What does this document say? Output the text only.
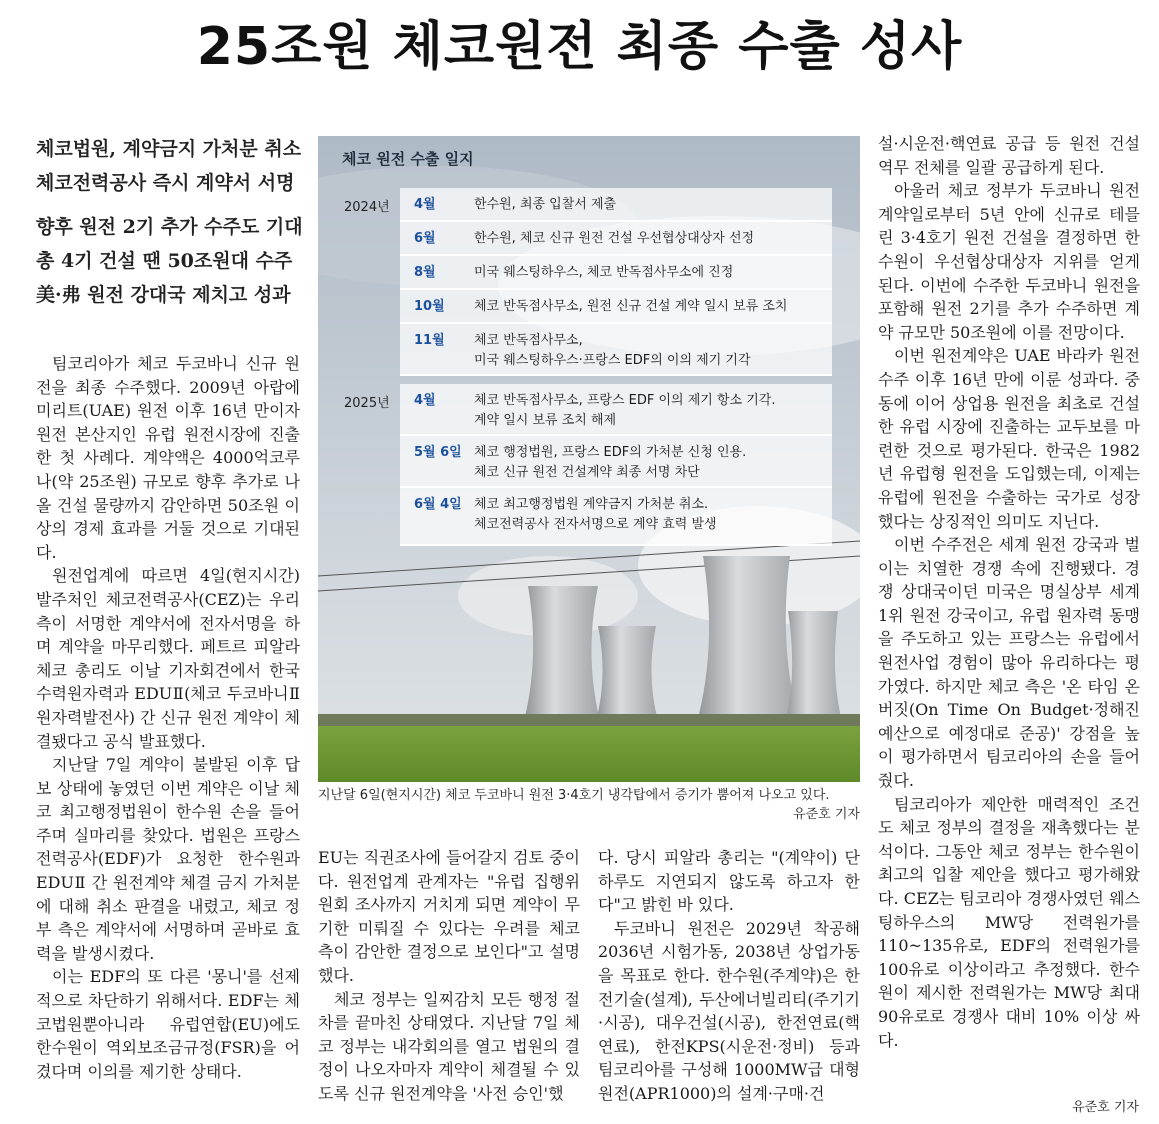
25조원 체코원전 최종 수출 성사
체코법원, 계약금지 가처분 취소
체코전력공사 즉시 계약서 서명
향후 원전 2기 추가 수주도 기대
총 4기 건설 땐 50조원대 수주
美·弗 원전 강대국 제치고 성과

팀코리아가 체코 두코바니 신규 원전을 최종 수주했다. 2009년 아랍에미리트(UAE) 원전 이후 16년 만이자 원전 본산지인 유럽 원전시장에 진출한 첫 사례다. 계약액은 4000억코루나(약 25조원) 규모로 향후 추가로 나올 건설 물량까지 감안하면 50조원 이상의 경제 효과를 거둘 것으로 기대된다.

원전업계에 따르면 4일(현지시간) 발주처인 체코전력공사(CEZ)는 우리 측이 서명한 계약서에 전자서명을 하며 계약을 마무리했다. 페트르 피알라 체코 총리도 이날 기자회견에서 한국수력원자력과 EDUⅡ(체코 두코바니Ⅱ 원자력발전사) 간 신규 원전 계약이 체결됐다고 공식 발표했다.

지난달 7일 계약이 불발된 이후 답보 상태에 놓였던 이번 계약은 이날 체코 최고행정법원이 한수원 손을 들어주며 실마리를 찾았다. 법원은 프랑스전력공사(EDF)가 요청한 한수원과 EDUⅡ 간 원전계약 체결 금지 가처분에 대해 취소 판결을 내렸고, 체코 정부 측은 계약서에 서명하며 곧바로 효력을 발생시켰다.

이는 EDF의 또 다른 '몽니'를 선제적으로 차단하기 위해서다. EDF는 체코법원뿐아니라 유럽연합(EU)에도 한수원이 역외보조금규정(FSR)을 어겼다며 이의를 제기한 상태다.

체코 원전 수출 일지
2024년 4월	한수원, 최종 입찰서 제출
6월	한수원, 체코 신규 원전 건설 우선협상대상자 선정
8월	미국 웨스팅하우스, 체코 반독점사무소에 진정
10월 체코 반독점사무소, 원전 신규 건설 계약 일시 보류 조치
11월 체코 반독점사무소,
미국 웨스팅하우스·프랑스 EDF의 이의 제기 기각
2025년 4월	체코 반독점사무소, 프랑스 EDF 이의 제기 항소 기각.
계약 일시 보류 조치 해제
5월 6일 체코 행정법원, 프랑스 EDF의 가처분 신청 인용.
체코 신규 원전 건설계약 최종 서명 차단
6월 4일 체코 최고행정법원 계약금지 가처분 취소.
체코전력공사 전자서명으로 계약 효력 발생
지난달 6일(현지시간) 체코 두코바니 원전 3·4호기 냉각탑에서 증기가 뿜어져 나오고 있다.
유준호 기자

EU는 직권조사에 들어갈지 검토 중이다. 원전업계 관계자는 "유럽 집행위원회 조사까지 거치게 되면 계약이 무기한 미뤄질 수 있다는 우려를 체코 측이 감안한 결정으로 보인다"고 설명했다.

체코 정부는 일찌감치 모든 행정 절차를 끝마친 상태였다. 지난달 7일 체코 정부는 내각회의를 열고 법원의 결정이 나오자마자 계약이 체결될 수 있도록 신규 원전계약을 '사전 승인'했

다. 당시 피알라 총리는 "(계약이) 단 하루도 지연되지 않도록 하고자 한다"고 밝힌 바 있다.

두코바니 원전은 2029년 착공해 2036년 시험가동, 2038년 상업가동을 목표로 한다. 한수원(주계약)은 한전기술(설계), 두산에너빌리티(주기기·시공), 대우건설(시공), 한전연료(핵연료), 한전KPS(시운전·정비) 등과 팀코리아를 구성해 1000MW급 대형 원전(APR1000)의 설계·구매·건

설·시운전·핵연료 공급 등 원전 건설 역무 전체를 일괄 공급하게 된다.

아울러 체코 정부가 두코바니 원전 계약일로부터 5년 안에 신규로 테믈린 3·4호기 원전 건설을 결정하면 한수원이 우선협상대상자 지위를 얻게 된다. 이번에 수주한 두코바니 원전을 포함해 원전 2기를 추가 수주하면 계약 규모만 50조원에 이를 전망이다.

이번 원전계약은 UAE 바라카 원전 수주 이후 16년 만에 이룬 성과다. 중동에 이어 상업용 원전을 최초로 건설한 유럽 시장에 진출하는 교두보를 마련한 것으로 평가된다. 한국은 1982년 유럽형 원전을 도입했는데, 이제는 유럽에 원전을 수출하는 국가로 성장했다는 상징적인 의미도 지닌다.

이번 수주전은 세계 원전 강국과 벌이는 치열한 경쟁 속에 진행됐다. 경쟁 상대국이던 미국은 명실상부 세계 1위 원전 강국이고, 유럽 원자력 동맹을 주도하고 있는 프랑스는 유럽에서 원전사업 경험이 많아 유리하다는 평가였다. 하지만 체코 측은 '온 타임 온 버짓(On Time On Budget·정해진 예산으로 예정대로 준공)' 강점을 높이 평가하면서 팀코리아의 손을 들어줬다.

팀코리아가 제안한 매력적인 조건도 체코 정부의 결정을 재촉했다는 분석이다. 그동안 체코 정부는 한수원이 최고의 입찰 제안을 했다고 평가해왔다. CEZ는 팀코리아 경쟁사였던 웨스팅하우스의 MW당 전력원가를 110~135유로, EDF의 전력원가를 100유로 이상이라고 추정했다. 한수원이 제시한 전력원가는 MW당 최대 90유로로 경쟁사 대비 10% 이상 싸다.

유준호 기자
